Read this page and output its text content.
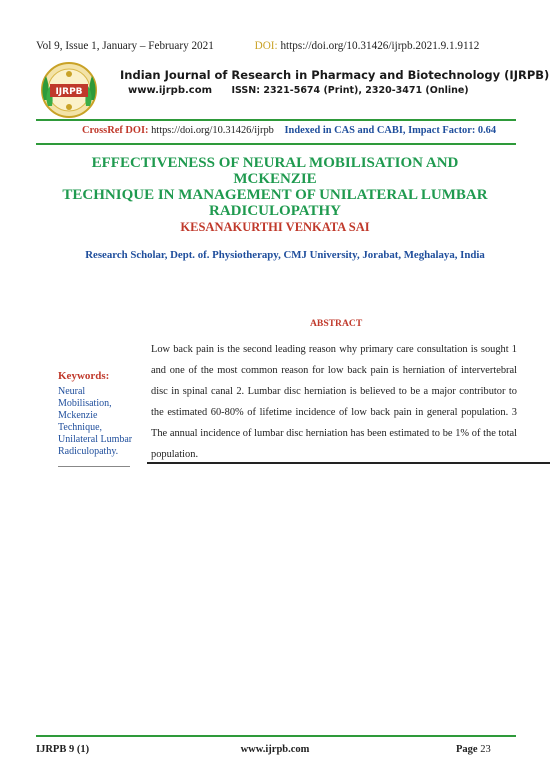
Vol 9, Issue 1, January – February 2021	DOI: https://doi.org/10.31426/ijrpb.2021.9.1.9112
IJRPB
Indian Journal of Research in Pharmacy and Biotechnology (IJRPB)
www.ijrpb.com ISSN: 2321-5674 (Print), 2320-3471 (Online)
CrossRef DOI: https://doi.org/10.31426/ijrpb Indexed in CAS and CABI, Impact Factor: 0.64
EFFECTIVENESS OF NEURAL MOBILISATION AND MCKENZIE
TECHNIQUE IN MANAGEMENT OF UNILATERAL LUMBAR
RADICULOPATHY
KESANAKURTHI VENKATA SAI
Research Scholar, Dept. of. Physiotherapy, CMJ University, Jorabat, Meghalaya, India
ABSTRACT
Keywords:
Neural
Mobilisation,
Mckenzie
Technique,
Unilateral Lumbar
Radiculopathy.

Low back pain is the second leading reason why primary care consultation is sought 1 and one of the most common reason for low back pain is herniation of intervertebral disc in spinal canal 2. Lumbar disc herniation is believed to be a major contributor to the estimated 60-80% of lifetime incidence of low back pain in general population. 3 The annual incidence of lumbar disc herniation has been estimated to be 1% of the total population.

IJRPB 9 (1)	www.ijrpb.com	Page 23
